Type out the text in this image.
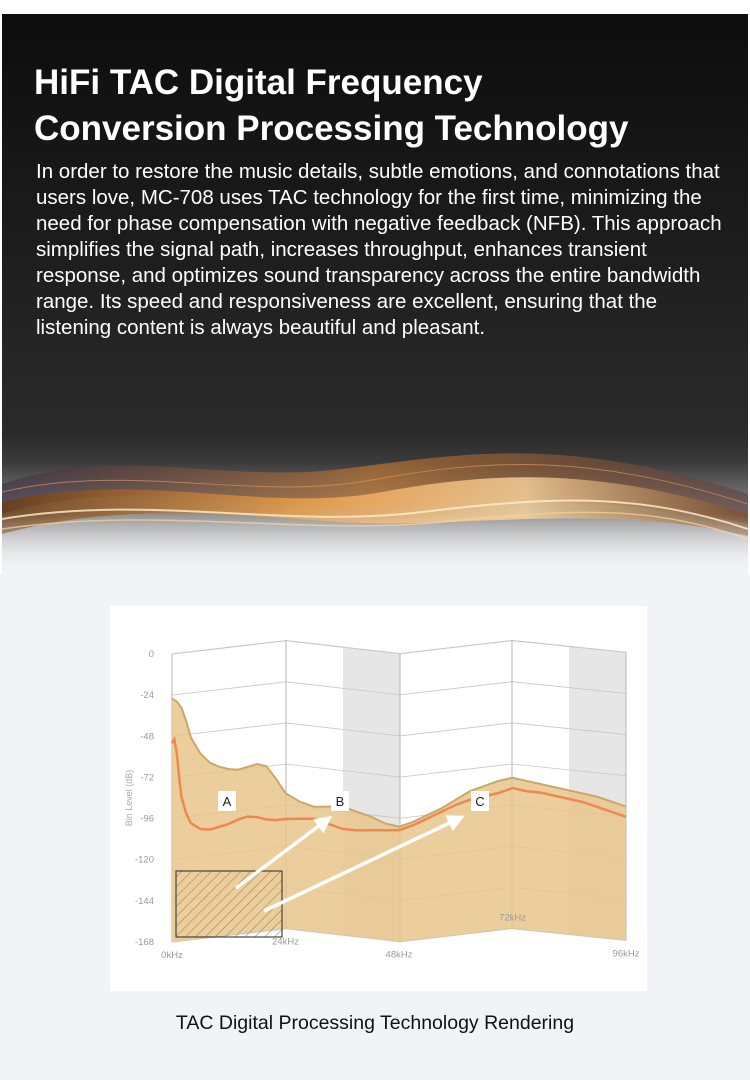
HiFi TAC Digital Frequency
Conversion Processing Technology

In order to restore the music details, subtle emotions, and connotations that users love, MC-708 uses TAC technology for the first time, minimizing the need for phase compensation with negative feedback (NFB). This approach simplifies the signal path, increases throughput, enhances transient response, and optimizes sound transparency across the entire bandwidth range. Its speed and responsiveness are excellent, ensuring that the listening content is always beautiful and pleasant.

0
-24
-48
-72
-96
-120
-144
-168
0kHz
24kHz
48kHz
72kHz
96kHz
Bin Level (dB)	A	B	C
TAC Digital Processing Technology Rendering
